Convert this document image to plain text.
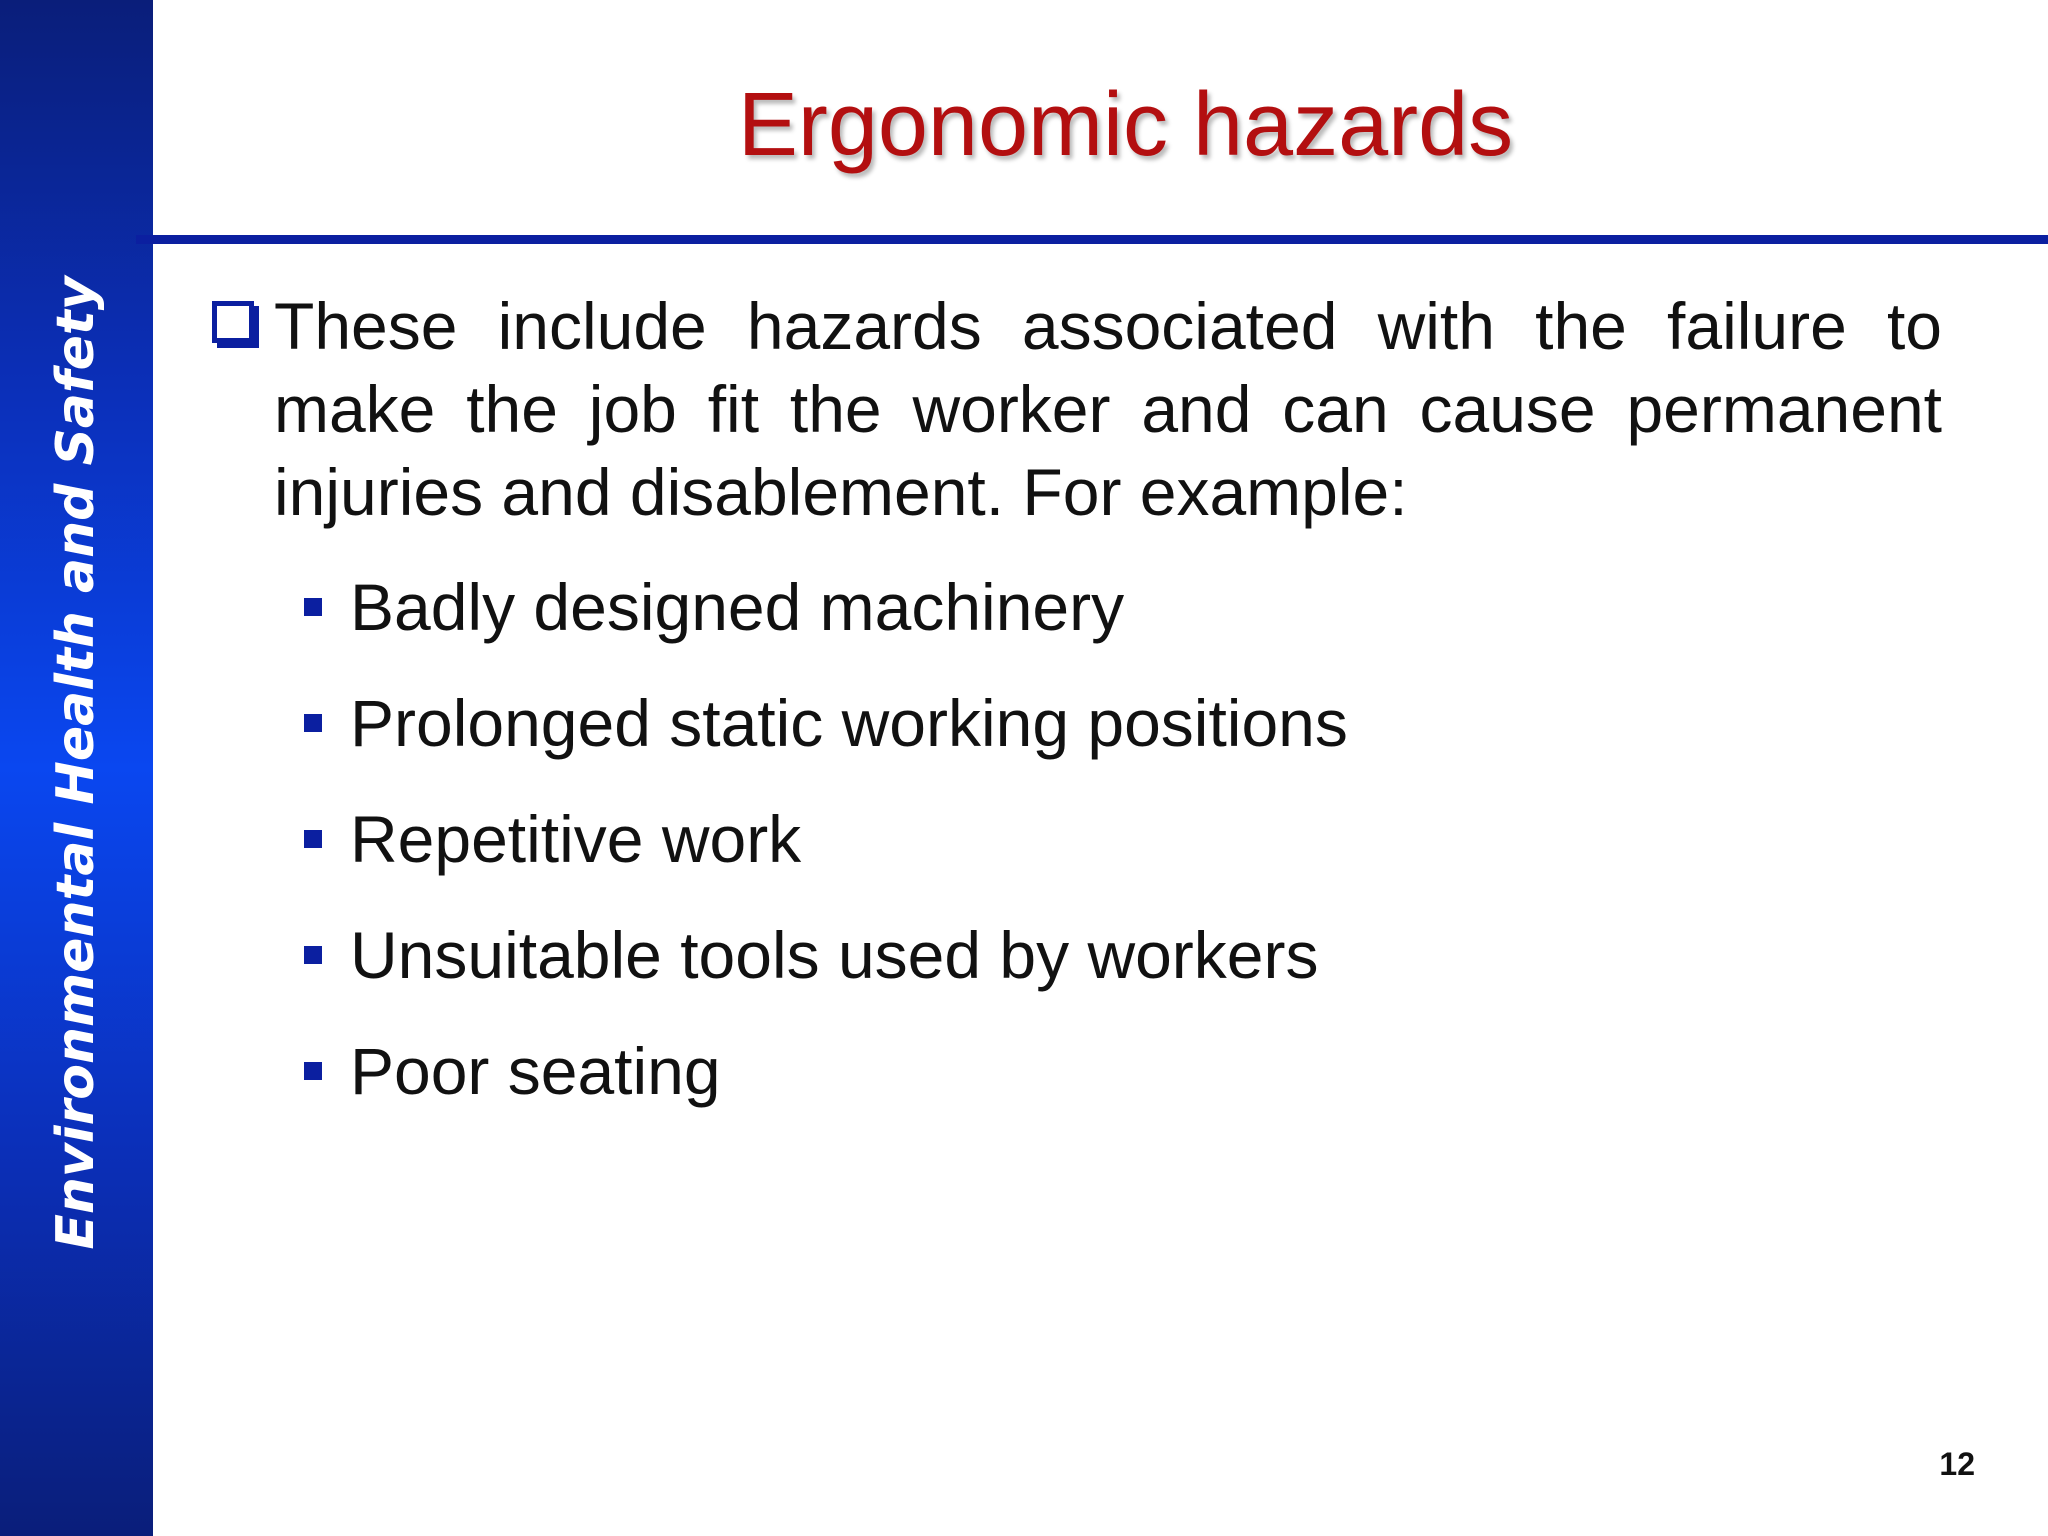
Environmental Health and Safety
Ergonomic hazards
These include hazards associated with the failure to make the job fit the worker and can cause permanent injuries and disablement. For example:
Badly designed machinery
Prolonged static working positions
Repetitive work
Unsuitable tools used by workers
Poor seating
12
